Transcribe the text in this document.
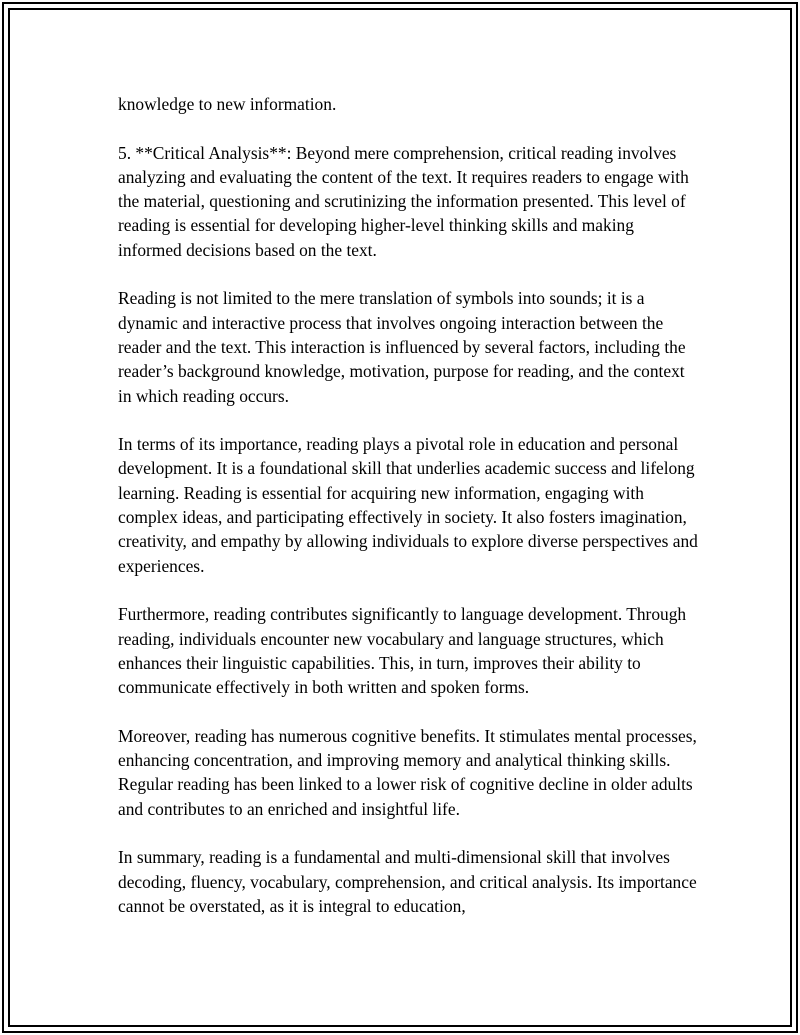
knowledge to new information.

5. **Critical Analysis**: Beyond mere comprehension, critical reading involves analyzing and evaluating the content of the text. It requires readers to engage with the material, questioning and scrutinizing the information presented. This level of reading is essential for developing higher-level thinking skills and making informed decisions based on the text.

Reading is not limited to the mere translation of symbols into sounds; it is a dynamic and interactive process that involves ongoing interaction between the reader and the text. This interaction is influenced by several factors, including the reader’s background knowledge, motivation, purpose for reading, and the context in which reading occurs.

In terms of its importance, reading plays a pivotal role in education and personal development. It is a foundational skill that underlies academic success and lifelong learning. Reading is essential for acquiring new information, engaging with complex ideas, and participating effectively in society. It also fosters imagination, creativity, and empathy by allowing individuals to explore diverse perspectives and experiences.

Furthermore, reading contributes significantly to language development. Through reading, individuals encounter new vocabulary and language structures, which enhances their linguistic capabilities. This, in turn, improves their ability to communicate effectively in both written and spoken forms.

Moreover, reading has numerous cognitive benefits. It stimulates mental processes, enhancing concentration, and improving memory and analytical thinking skills. Regular reading has been linked to a lower risk of cognitive decline in older adults and contributes to an enriched and insightful life.

In summary, reading is a fundamental and multi-dimensional skill that involves decoding, fluency, vocabulary, comprehension, and critical analysis. Its importance cannot be overstated, as it is integral to education,
